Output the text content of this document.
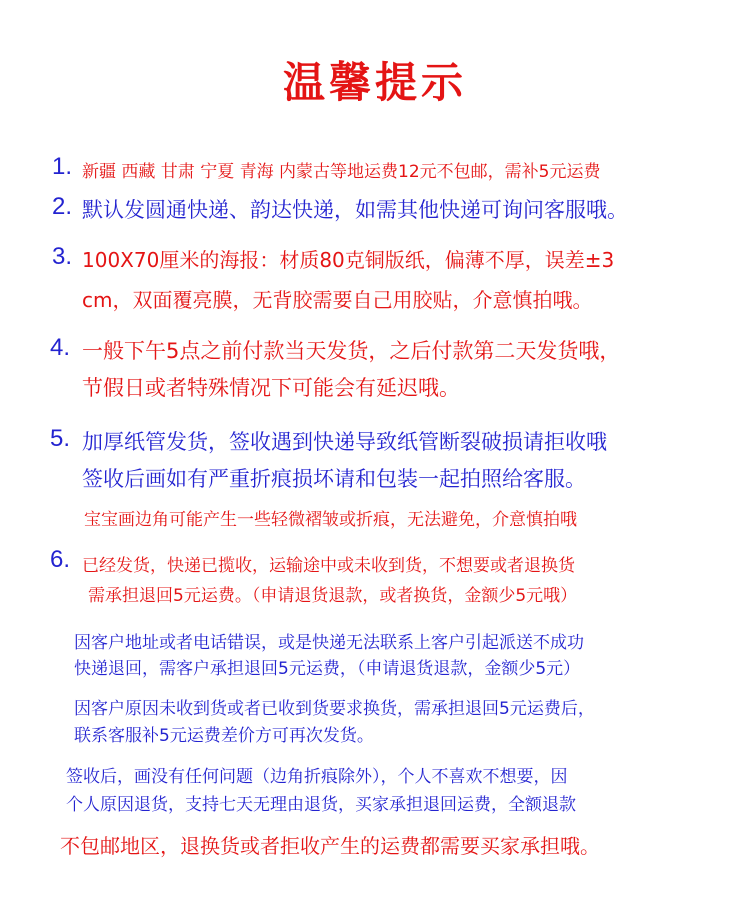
温馨提示
1. 新疆 西藏 甘肃 宁夏 青海 内蒙古等地运费12元不包邮，需补5元运费
2. 默认发圆通快递、韵达快递，如需其他快递可询问客服哦。
3. 100X70厘米的海报：材质80克铜版纸，偏薄不厚，误差±3
cm，双面覆亮膜，无背胶需要自己用胶贴，介意慎拍哦。
4. 一般下午5点之前付款当天发货，之后付款第二天发货哦，
节假日或者特殊情况下可能会有延迟哦。
5. 加厚纸管发货，签收遇到快递导致纸管断裂破损请拒收哦
签收后画如有严重折痕损坏请和包装一起拍照给客服。
宝宝画边角可能产生一些轻微褶皱或折痕，无法避免，介意慎拍哦
6. 已经发货，快递已揽收，运输途中或未收到货，不想要或者退换货
需承担退回5元运费。（申请退货退款，或者换货，金额少5元哦）
因客户地址或者电话错误，或是快递无法联系上客户引起派送不成功
快递退回，需客户承担退回5元运费，（申请退货退款，金额少5元）
因客户原因未收到货或者已收到货要求换货，需承担退回5元运费后，
联系客服补5元运费差价方可再次发货。
签收后，画没有任何问题（边角折痕除外），个人不喜欢不想要，因
个人原因退货，支持七天无理由退货，买家承担退回运费，全额退款
不包邮地区，退换货或者拒收产生的运费都需要买家承担哦。
